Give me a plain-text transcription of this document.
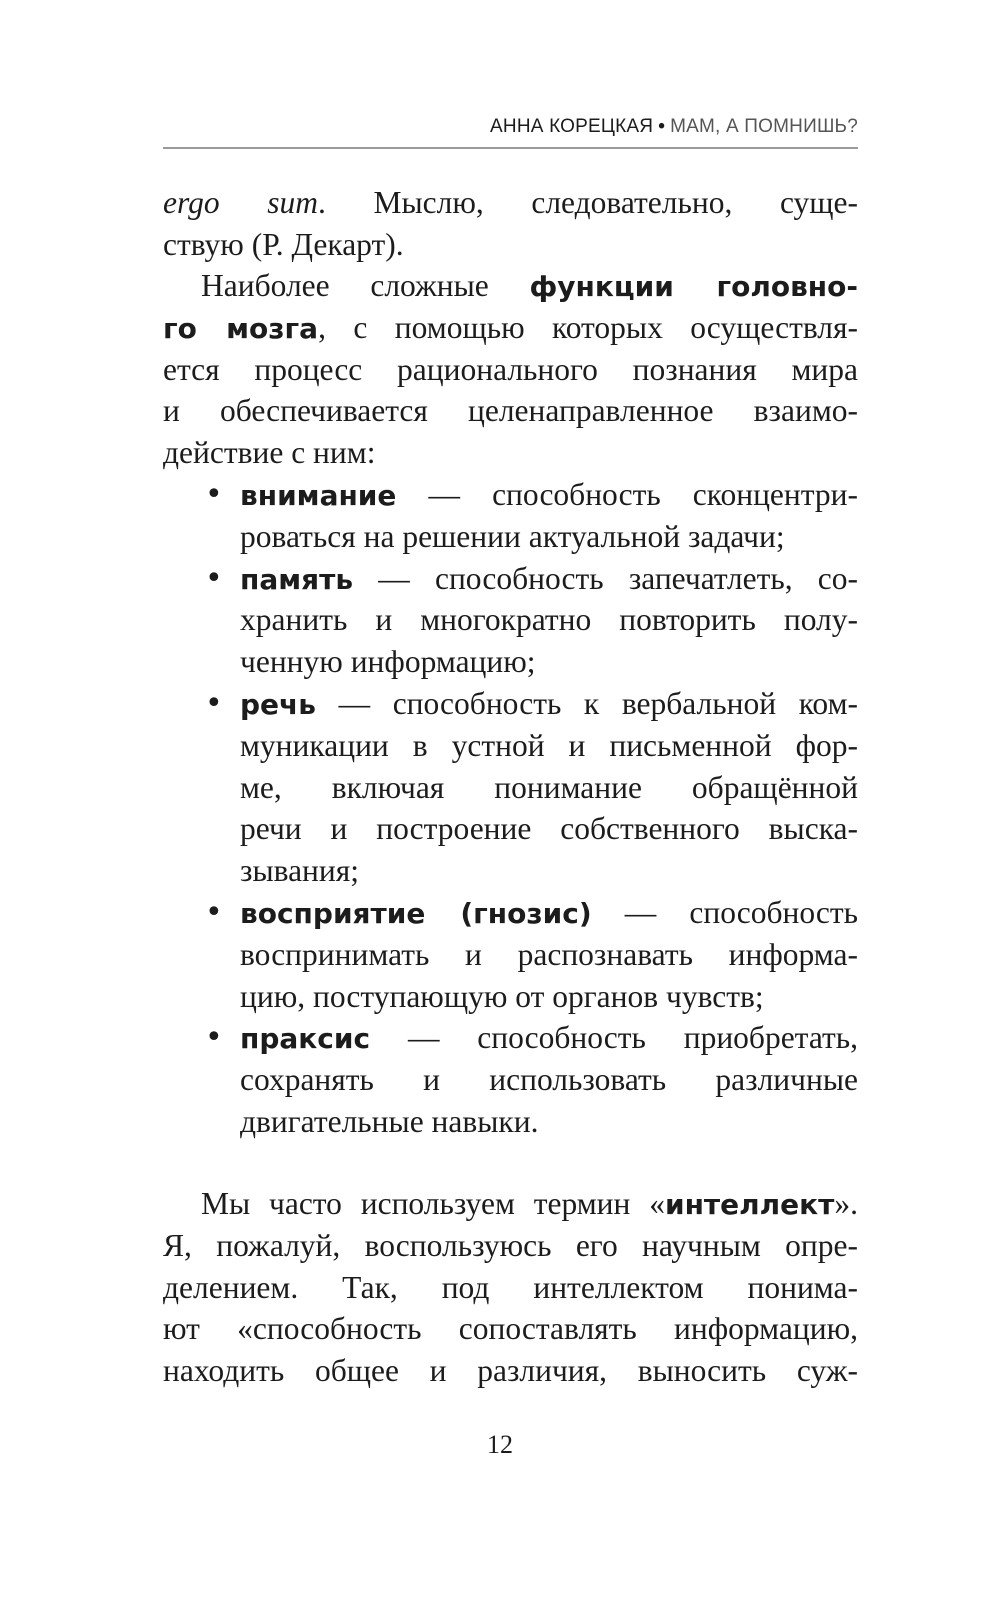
АННА КОРЕЦКАЯ • МАМ, А ПОМНИШЬ?
ergo sum. Мыслю, следовательно, суще-
ствую (Р. Декарт).
Наиболее сложные функции головно-
го мозга, с помощью которых осуществля-
ется процесс рационального познания мира
и обеспечивается целенаправленное взаимо-
действие с ним:
• внимание — способность сконцентри-
роваться на решении актуальной задачи;
• память — способность запечатлеть, со-
хранить и многократно повторить полу-
ченную информацию;
• речь — способность к вербальной ком-
муникации в устной и письменной фор-
ме, включая понимание обращённой
речи и построение собственного выска-
зывания;
• восприятие (гнозис) — способность
воспринимать и распознавать информа-
цию, поступающую от органов чувств;
• праксис — способность приобретать,
сохранять и использовать различные
двигательные навыки.
Мы часто используем термин «интеллект».
Я, пожалуй, воспользуюсь его научным опре-
делением. Так, под интеллектом понима-
ют «способность сопоставлять информацию,
находить общее и различия, выносить суж-
12
